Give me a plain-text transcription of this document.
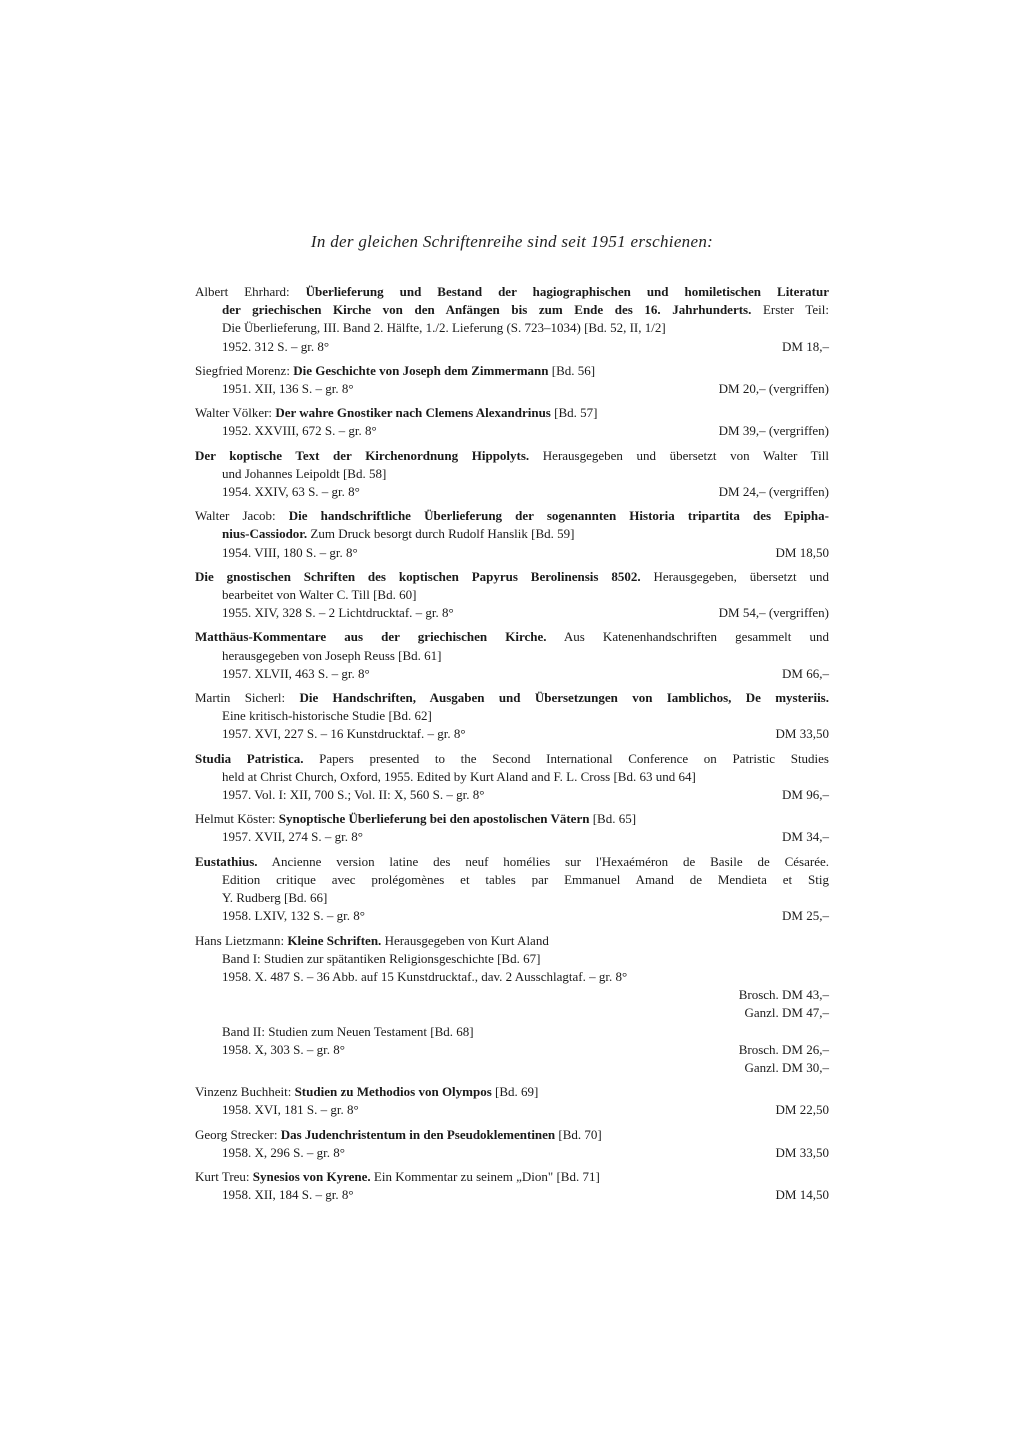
In der gleichen Schriftenreihe sind seit 1951 erschienen:
Albert Ehrhard: Überlieferung und Bestand der hagiographischen und homiletischen Literatur
der griechischen Kirche von den Anfängen bis zum Ende des 16. Jahrhunderts. Erster Teil:
Die Überlieferung, III. Band 2. Hälfte, 1./2. Lieferung (S. 723–1034) [Bd. 52, II, 1/2]
1952. 312 S. – gr. 8°	DM 18,–
Siegfried Morenz: Die Geschichte von Joseph dem Zimmermann [Bd. 56]
1951. XII, 136 S. – gr. 8°	DM 20,– (vergriffen)
Walter Völker: Der wahre Gnostiker nach Clemens Alexandrinus [Bd. 57]
1952. XXVIII, 672 S. – gr. 8°	DM 39,– (vergriffen)
Der koptische Text der Kirchenordnung Hippolyts. Herausgegeben und übersetzt von Walter Till
und Johannes Leipoldt [Bd. 58]
1954. XXIV, 63 S. – gr. 8°	DM 24,– (vergriffen)
Walter Jacob: Die handschriftliche Überlieferung der sogenannten Historia tripartita des Epipha-
nius-Cassiodor. Zum Druck besorgt durch Rudolf Hanslik [Bd. 59]
1954. VIII, 180 S. – gr. 8°	DM 18,50
Die gnostischen Schriften des koptischen Papyrus Berolinensis 8502. Herausgegeben, übersetzt und
bearbeitet von Walter C. Till [Bd. 60]
1955. XIV, 328 S. – 2 Lichtdrucktaf. – gr. 8°	DM 54,– (vergriffen)
Matthäus-Kommentare aus der griechischen Kirche. Aus Katenenhandschriften gesammelt und
herausgegeben von Joseph Reuss [Bd. 61]
1957. XLVII, 463 S. – gr. 8°	DM 66,–
Martin Sicherl: Die Handschriften, Ausgaben und Übersetzungen von Iamblichos, De mysteriis.
Eine kritisch-historische Studie [Bd. 62]
1957. XVI, 227 S. – 16 Kunstdrucktaf. – gr. 8°	DM 33,50
Studia Patristica. Papers presented to the Second International Conference on Patristic Studies
held at Christ Church, Oxford, 1955. Edited by Kurt Aland and F. L. Cross [Bd. 63 und 64]
1957. Vol. I: XII, 700 S.; Vol. II: X, 560 S. – gr. 8°	DM 96,–
Helmut Köster: Synoptische Überlieferung bei den apostolischen Vätern [Bd. 65]
1957. XVII, 274 S. – gr. 8°	DM 34,–
Eustathius. Ancienne version latine des neuf homélies sur l'Hexaéméron de Basile de Césarée.
Edition critique avec prolégomènes et tables par Emmanuel Amand de Mendieta et Stig
Y. Rudberg [Bd. 66]
1958. LXIV, 132 S. – gr. 8°	DM 25,–
Hans Lietzmann: Kleine Schriften. Herausgegeben von Kurt Aland
Band I: Studien zur spätantiken Religionsgeschichte [Bd. 67]
1958. X. 487 S. – 36 Abb. auf 15 Kunstdrucktaf., dav. 2 Ausschlagtaf. – gr. 8°
Brosch. DM 43,–
Ganzl. DM 47,–
Band II: Studien zum Neuen Testament [Bd. 68]
1958. X, 303 S. – gr. 8°	Brosch. DM 26,–
Ganzl. DM 30,–
Vinzenz Buchheit: Studien zu Methodios von Olympos [Bd. 69]
1958. XVI, 181 S. – gr. 8°	DM 22,50
Georg Strecker: Das Judenchristentum in den Pseudoklementinen [Bd. 70]
1958. X, 296 S. – gr. 8°	DM 33,50
Kurt Treu: Synesios von Kyrene. Ein Kommentar zu seinem „Dion" [Bd. 71]
1958. XII, 184 S. – gr. 8°	DM 14,50
